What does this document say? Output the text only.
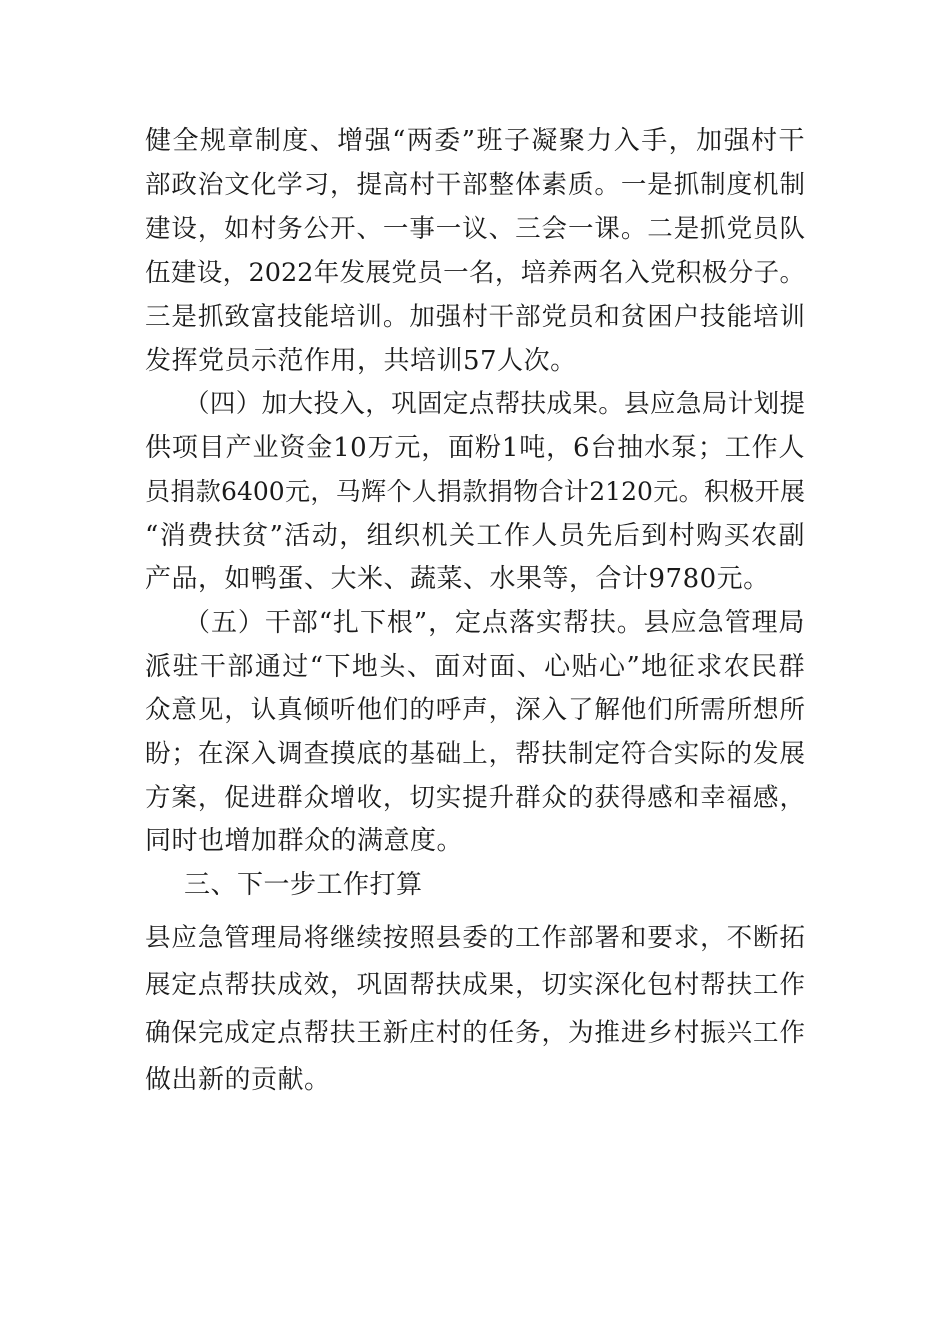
健全规章制度、增强“两委”班子凝聚力入手，加强村干
部政治文化学习，提高村干部整体素质。一是抓制度机制
建设，如村务公开、一事一议、三会一课。二是抓党员队
伍建设，2022年发展党员一名，培养两名入党积极分子。
三是抓致富技能培训。加强村干部党员和贫困户技能培训
发挥党员示范作用，共培训57人次。
（四）加大投入，巩固定点帮扶成果。县应急局计划提
供项目产业资金10万元，面粉1吨，6台抽水泵；工作人
员捐款6400元，马辉个人捐款捐物合计2120元。积极开展
“消费扶贫”活动，组织机关工作人员先后到村购买农副
产品，如鸭蛋、大米、蔬菜、水果等，合计9780元。
（五）干部“扎下根”，定点落实帮扶。县应急管理局
派驻干部通过“下地头、面对面、心贴心”地征求农民群
众意见，认真倾听他们的呼声，深入了解他们所需所想所
盼；在深入调查摸底的基础上，帮扶制定符合实际的发展
方案，促进群众增收，切实提升群众的获得感和幸福感，
同时也增加群众的满意度。
三、下一步工作打算
县应急管理局将继续按照县委的工作部署和要求，不断拓
展定点帮扶成效，巩固帮扶成果，切实深化包村帮扶工作
确保完成定点帮扶王新庄村的任务，为推进乡村振兴工作
做出新的贡献。
